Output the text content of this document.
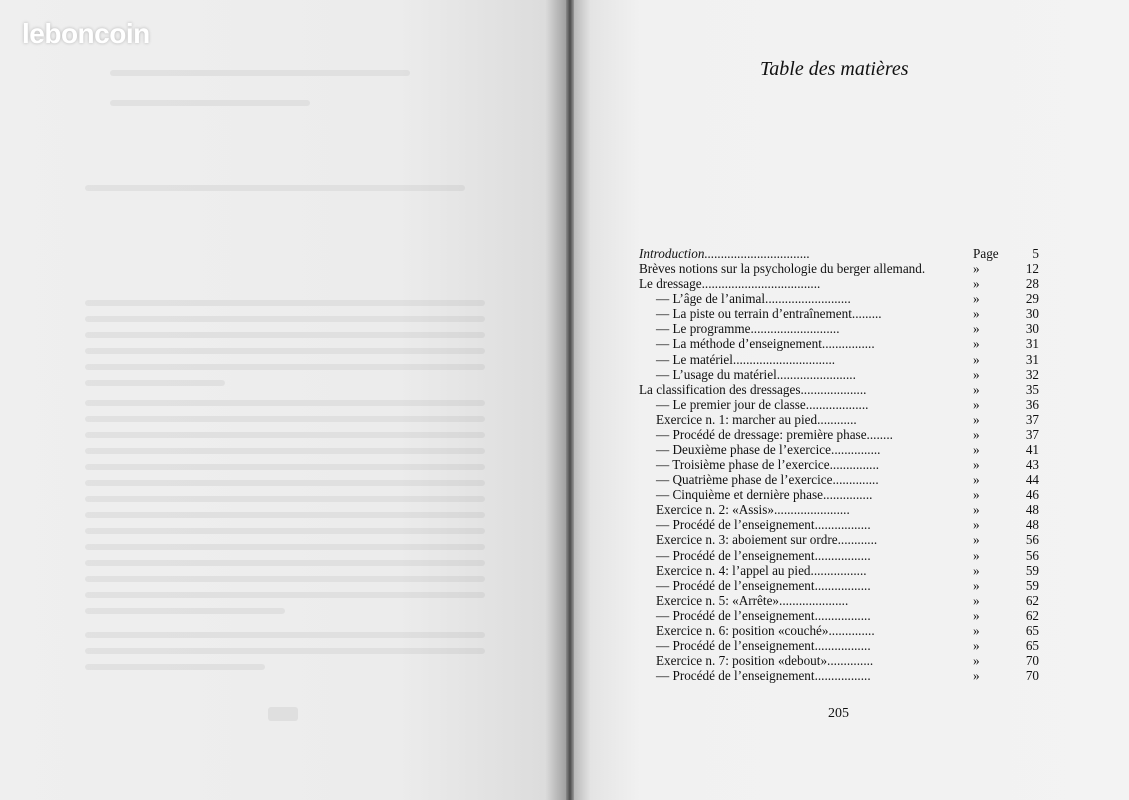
leboncoin
Table des matières
Introduction................................	Page	5
Brèves notions sur la psychologie du berger allemand.	»	12
Le dressage....................................	»	28
— L’âge de l’animal..........................	»	29
— La piste ou terrain d’entraînement.........	»	30
— Le programme...........................	»	30
— La méthode d’enseignement................	»	31
— Le matériel...............................	»	31
— L’usage du matériel........................	»	32
La classification des dressages....................	»	35
— Le premier jour de classe...................	»	36
Exercice n. 1: marcher au pied............	»	37
— Procédé de dressage: première phase........	»	37
— Deuxième phase de l’exercice...............	»	41
— Troisième phase de l’exercice...............	»	43
— Quatrième phase de l’exercice..............	»	44
— Cinquième et dernière phase...............	»	46
Exercice n. 2: «Assis».......................	»	48
— Procédé de l’enseignement.................	»	48
Exercice n. 3: aboiement sur ordre............	»	56
— Procédé de l’enseignement.................	»	56
Exercice n. 4: l’appel au pied.................	»	59
— Procédé de l’enseignement.................	»	59
Exercice n. 5: «Arrête».....................	»	62
— Procédé de l’enseignement.................	»	62
Exercice n. 6: position «couché»..............	»	65
— Procédé de l’enseignement.................	»	65
Exercice n. 7: position «debout»..............	»	70
— Procédé de l’enseignement.................	»	70
205
